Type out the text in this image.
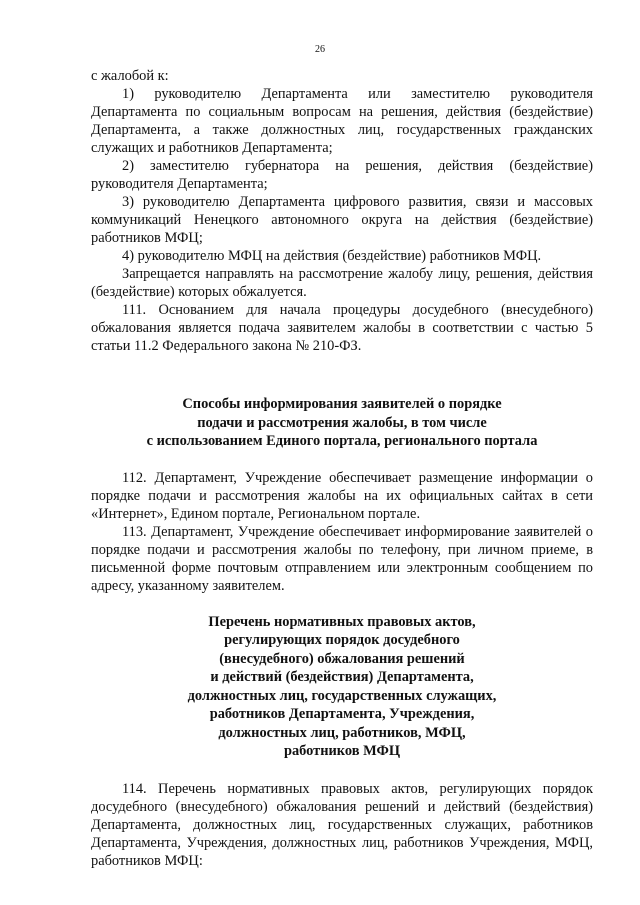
26

с жалобой к:

1) руководителю Департамента или заместителю руководителя Департамента по социальным вопросам на решения, действия (бездействие) Департамента, а также должностных лиц, государственных гражданских служащих и работников Департамента;

2) заместителю губернатора на решения, действия (бездействие) руководителя Департамента;

3) руководителю Департамента цифрового развития, связи и массовых коммуникаций Ненецкого автономного округа на действия (бездействие) работников МФЦ;

4) руководителю МФЦ на действия (бездействие) работников МФЦ.

Запрещается направлять на рассмотрение жалобу лицу, решения, действия (бездействие) которых обжалуется.

111. Основанием для начала процедуры досудебного (внесудебного) обжалования является подача заявителем жалобы в соответствии с частью 5 статьи 11.2 Федерального закона № 210-ФЗ.

Способы информирования заявителей о порядке
подачи и рассмотрения жалобы, в том числе
с использованием Единого портала, регионального портала

112. Департамент, Учреждение обеспечивает размещение информации о порядке подачи и рассмотрения жалобы на их официальных сайтах в сети «Интернет», Едином портале, Региональном портале.

113. Департамент, Учреждение обеспечивает информирование заявителей о порядке подачи и рассмотрения жалобы по телефону, при личном приеме, в письменной форме почтовым отправлением или электронным сообщением по адресу, указанному заявителем.

Перечень нормативных правовых актов,
регулирующих порядок досудебного
(внесудебного) обжалования решений
и действий (бездействия) Департамента,
должностных лиц, государственных служащих,
работников Департамента, Учреждения,
должностных лиц, работников, МФЦ,
работников МФЦ

114. Перечень нормативных правовых актов, регулирующих порядок досудебного (внесудебного) обжалования решений и действий (бездействия) Департамента, должностных лиц, государственных служащих, работников Департамента, Учреждения, должностных лиц, работников Учреждения, МФЦ, работников МФЦ:
